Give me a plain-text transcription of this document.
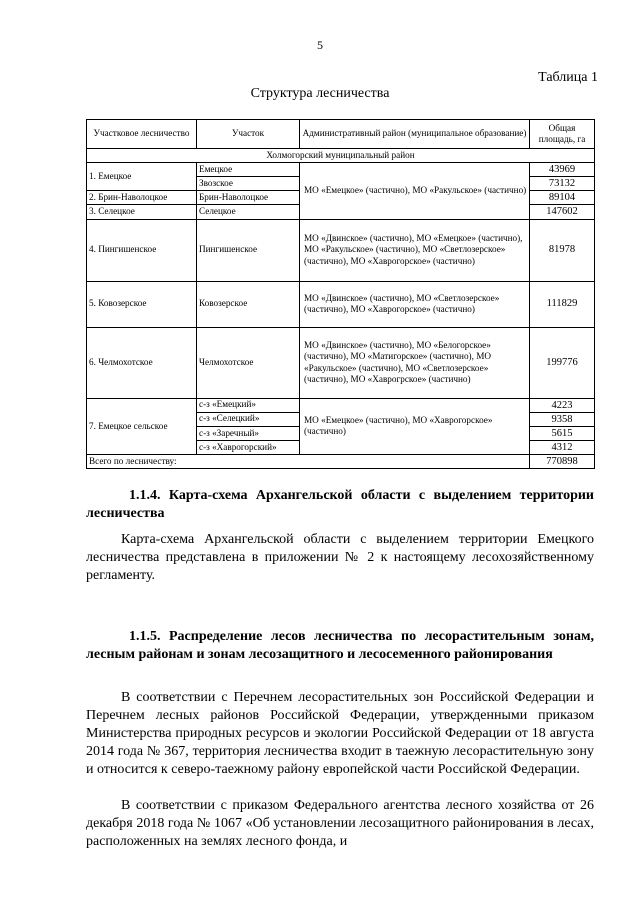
5
Таблица 1
Структура лесничества
Участковое лесничество	Участок	Административный район (муниципальное образование)	Общая площадь, га
Холмогорский муниципальный район			
1. Емецкое	Емецкое	МО «Емецкое» (частично), МО «Ракульское» (частично)	43969
	Звозское		73132
2. Брин-Наволоцкое	Брин-Наволоцкое		89104
3. Селецкое	Селецкое		147602
4. Пингишенское	Пингишенское	МО «Двинское» (частично), МО «Емецкое» (частично), МО «Ракульское» (частично), МО «Светлозерское» (частично), МО «Хаврогорское» (частично)	81978
5. Ковозерское	Ковозерское	МО «Двинское» (частично), МО «Светлозерское» (частично), МО «Хаврогорское» (частично)	111829
6. Челмохотское	Челмохотское	МО «Двинское» (частично), МО «Белогорское» (частично), МО «Матигорское» (частично), МО «Ракульское» (частично), МО «Светлозерское» (частично), МО «Хаврогрское» (частично)	199776
7. Емецкое сельское	с-з «Емецкий»	МО «Емецкое» (частично), МО «Хаврогорское» (частично)	4223
	с-з «Селецкий»		9358
	с-з «Заречный»		5615
	с-з «Хаврогорский»		4312
Всего по лесничеству:			770898
1.1.4. Карта-схема Архангельской области с выделением территории лесничества
Карта-схема Архангельской области с выделением территории Емецкого лесничества представлена в приложении № 2 к настоящему лесохозяйственному регламенту.
1.1.5. Распределение лесов лесничества по лесорастительным зонам, лесным районам и зонам лесозащитного и лесосеменного районирования
В соответствии с Перечнем лесорастительных зон Российской Федерации и Перечнем лесных районов Российской Федерации, утвержденными приказом Министерства природных ресурсов и экологии Российской Федерации от 18 августа 2014 года № 367, территория лесничества входит в таежную лесорастительную зону и относится к северо-таежному району европейской части Российской Федерации.
В соответствии с приказом Федерального агентства лесного хозяйства от 26 декабря 2018 года № 1067 «Об установлении лесозащитного районирования в лесах, расположенных на землях лесного фонда, и
